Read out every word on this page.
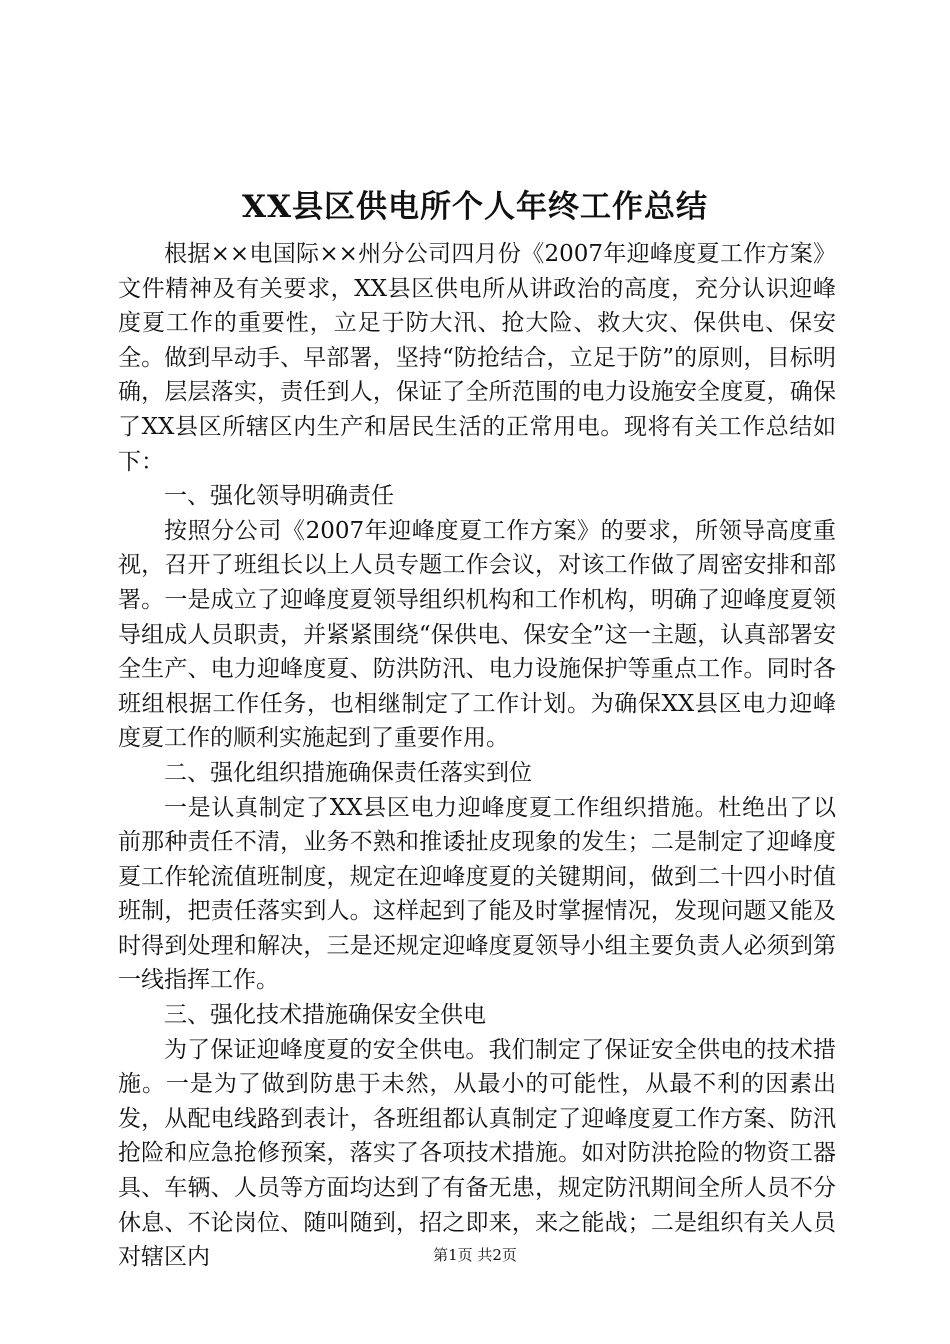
XX县区供电所个人年终工作总结

根据××电国际××州分公司四月份《2007年迎峰度夏工作方案》文件精神及有关要求，XX县区供电所从讲政治的高度，充分认识迎峰度夏工作的重要性，立足于防大汛、抢大险、救大灾、保供电、保安全。做到早动手、早部署，坚持“防抢结合，立足于防”的原则，目标明确，层层落实，责任到人，保证了全所范围的电力设施安全度夏，确保了XX县区所辖区内生产和居民生活的正常用电。现将有关工作总结如下：

一、强化领导明确责任

按照分公司《2007年迎峰度夏工作方案》的要求，所领导高度重视，召开了班组长以上人员专题工作会议，对该工作做了周密安排和部署。一是成立了迎峰度夏领导组织机构和工作机构，明确了迎峰度夏领导组成人员职责，并紧紧围绕“保供电、保安全”这一主题，认真部署安全生产、电力迎峰度夏、防洪防汛、电力设施保护等重点工作。同时各班组根据工作任务，也相继制定了工作计划。为确保XX县区电力迎峰度夏工作的顺利实施起到了重要作用。

二、强化组织措施确保责任落实到位

一是认真制定了XX县区电力迎峰度夏工作组织措施。杜绝出了以前那种责任不清，业务不熟和推诿扯皮现象的发生；二是制定了迎峰度夏工作轮流值班制度，规定在迎峰度夏的关键期间，做到二十四小时值班制，把责任落实到人。这样起到了能及时掌握情况，发现问题又能及时得到处理和解决，三是还规定迎峰度夏领导小组主要负责人必须到第一线指挥工作。

三、强化技术措施确保安全供电

为了保证迎峰度夏的安全供电。我们制定了保证安全供电的技术措施。一是为了做到防患于未然，从最小的可能性，从最不利的因素出发，从配电线路到表计，各班组都认真制定了迎峰度夏工作方案、防汛抢险和应急抢修预案，落实了各项技术措施。如对防洪抢险的物资工器具、车辆、人员等方面均达到了有备无患，规定防汛期间全所人员不分休息、不论岗位、随叫随到，招之即来，来之能战；二是组织有关人员对辖区内	第1页 共2页
